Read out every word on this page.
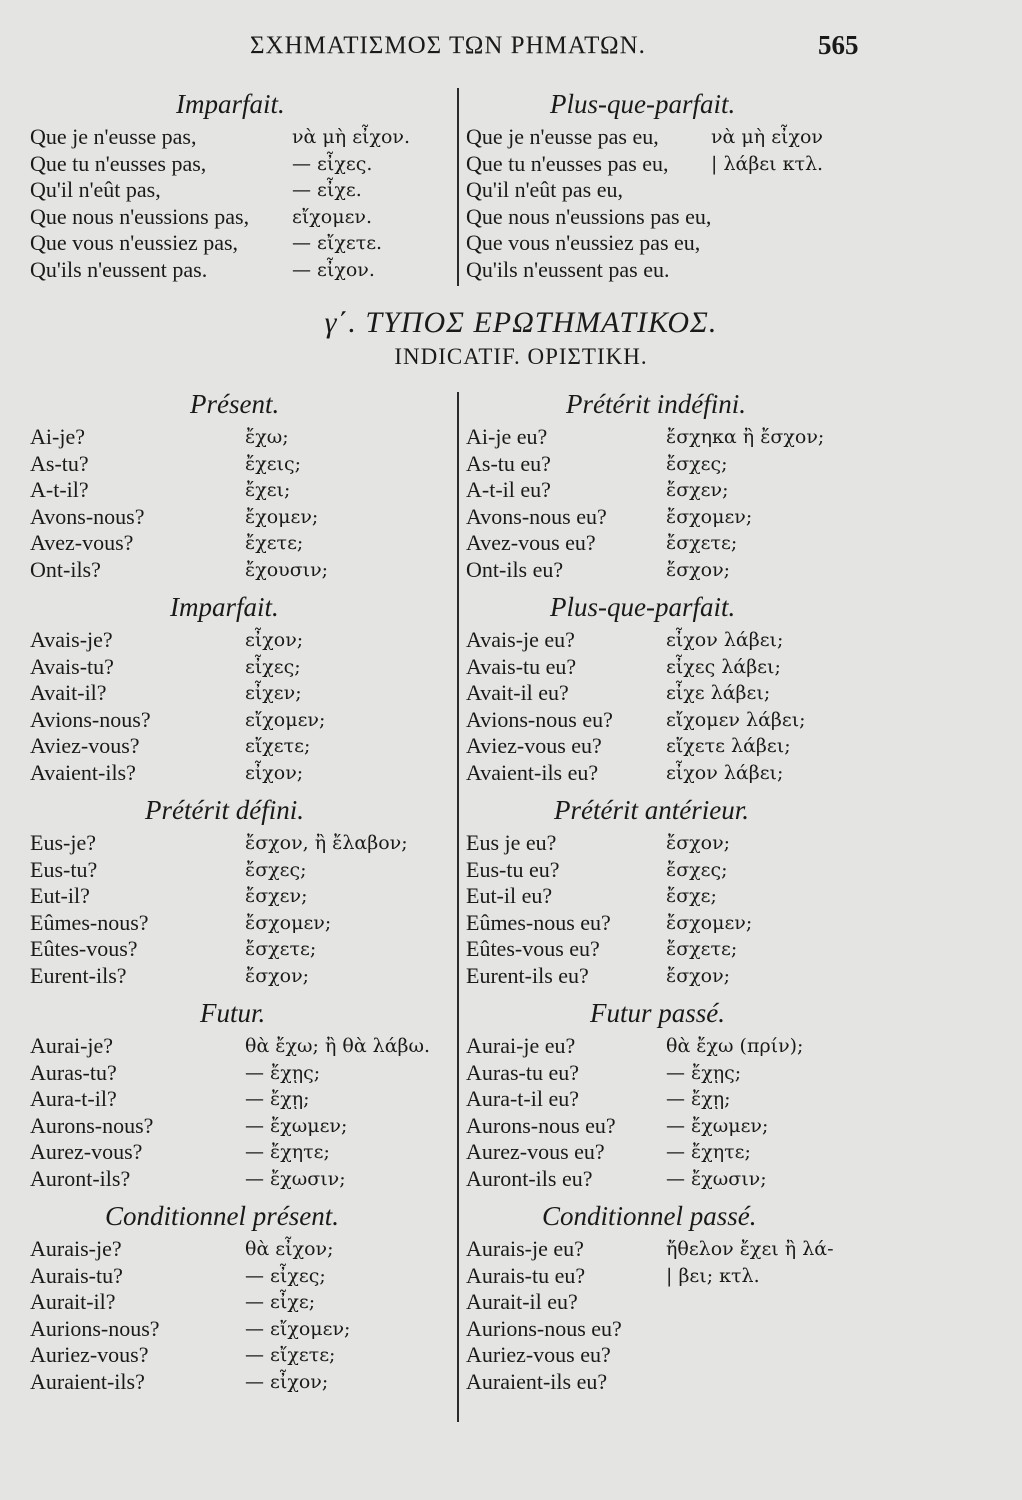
ΣΧΗΜΑΤΙΣΜΟΣ ΤΩΝ ΡΗΜΑΤΩΝ.	565
Imparfait.
Que je n'eusse pas,	νὰ μὴ εἶχον.
Que tu n'eusses pas,	— εἶχες.
Qu'il n'eût pas,	— εἶχε.
Que nous n'eussions pas, εἴχομεν.
Que vous n'eussiez pas,	— εἴχετε.
Qu'ils n'eussent pas.	— εἶχον.
Plus-que-parfait.
Que je n'eusse pas eu,	νὰ μὴ εἶχον
Que tu n'eusses pas eu, | λάβει κτλ.
Qu'il n'eût pas eu,
Que nous n'eussions pas eu,
Que vous n'eussiez pas eu,
Qu'ils n'eussent pas eu.
γ΄. ΤΥΠΟΣ ΕΡΩΤΗΜΑΤΙΚΟΣ.
INDICATIF. ΟΡΙΣΤΙΚΗ.
Présent.
Ai-je?	ἔχω;
As-tu?	ἔχεις;
A-t-il?	ἔχει;
Avons-nous?	ἔχομεν;
Avez-vous?	ἔχετε;
Ont-ils?	ἔχουσιν;
Imparfait.
Avais-je?	εἶχον;
Avais-tu?	εἶχες;
Avait-il?	εἶχεν;
Avions-nous?	εἴχομεν;
Aviez-vous?	εἴχετε;
Avaient-ils?	εἶχον;
Prétérit défini.
Eus-je?	ἔσχον, ἢ ἔλαβον;
Eus-tu?	ἔσχες;
Eut-il?	ἔσχεν;
Eûmes-nous?	ἔσχομεν;
Eûtes-vous?	ἔσχετε;
Eurent-ils?	ἔσχον;
Futur.
Aurai-je?	θὰ ἔχω; ἢ θὰ λάβω.
Auras-tu?	— ἔχῃς;
Aura-t-il?	— ἔχῃ;
Aurons-nous?	— ἔχωμεν;
Aurez-vous?	— ἔχητε;
Auront-ils?	— ἔχωσιν;
Conditionnel présent.
Aurais-je?	θὰ εἶχον;
Aurais-tu?	— εἶχες;
Aurait-il?	— εἶχε;
Aurions-nous?	— εἴχομεν;
Auriez-vous?	— εἴχετε;
Auraient-ils?	— εἶχον;
Prétérit indéfini.
Ai-je eu?	ἔσχηκα ἢ ἔσχον;
As-tu eu?	ἔσχες;
A-t-il eu?	ἔσχεν;
Avons-nous eu?	ἔσχομεν;
Avez-vous eu?	ἔσχετε;
Ont-ils eu?	ἔσχον;
Plus-que-parfait.
Avais-je eu?	εἶχον λάβει;
Avais-tu eu?	εἶχες λάβει;
Avait-il eu?	εἶχε λάβει;
Avions-nous eu?	εἴχομεν λάβει;
Aviez-vous eu?	εἴχετε λάβει;
Avaient-ils eu?	εἶχον λάβει;
Prétérit antérieur.
Eus je eu?	ἔσχον;
Eus-tu eu?	ἔσχες;
Eut-il eu?	ἔσχε;
Eûmes-nous eu?	ἔσχομεν;
Eûtes-vous eu?	ἔσχετε;
Eurent-ils eu?	ἔσχον;
Futur passé.
Aurai-je eu?	θὰ ἔχω (πρίν);
Auras-tu eu?	— ἔχῃς;
Aura-t-il eu?	— ἔχῃ;
Aurons-nous eu?	— ἔχωμεν;
Aurez-vous eu?	— ἔχητε;
Auront-ils eu?	— ἔχωσιν;
Conditionnel passé.
Aurais-je eu?	ἤθελον ἔχει ἢ λά-
Aurais-tu eu?	| βει; κτλ.
Aurait-il eu?
Aurions-nous eu?
Auriez-vous eu?
Auraient-ils eu?
